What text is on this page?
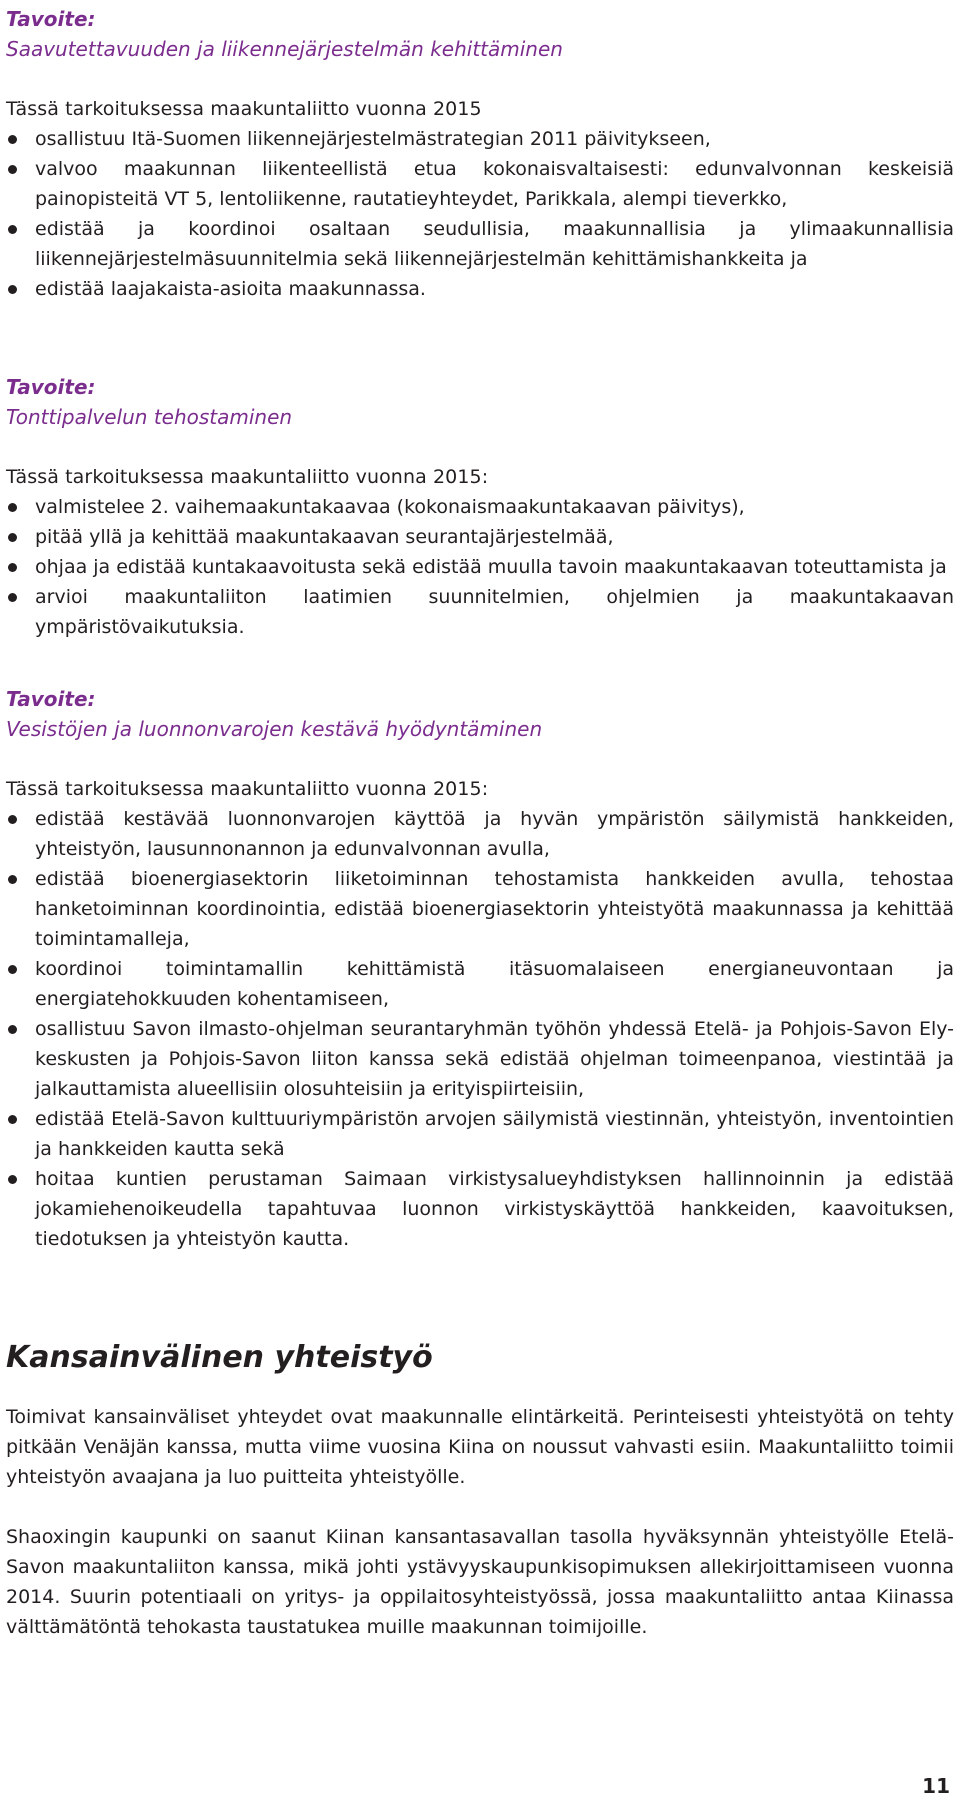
Tavoite:

Saavutettavuuden ja liikennejärjestelmän kehittäminen

Tässä tarkoituksessa maakuntaliitto vuonna 2015

osallistuu Itä-Suomen liikennejärjestelmästrategian 2011 päivitykseen,
valvoo maakunnan liikenteellistä etua kokonaisvaltaisesti: edunvalvonnan keskeisiä painopisteitä VT 5, lentoliikenne, rautatieyhteydet, Parikkala, alempi tieverkko,
edistää ja koordinoi osaltaan seudullisia, maakunnallisia ja ylimaakunnallisia liikennejärjestelmäsuunnitelmia sekä liikennejärjestelmän kehittämishankkeita ja
edistää laajakaista-asioita maakunnassa.

Tavoite:

Tonttipalvelun tehostaminen

Tässä tarkoituksessa maakuntaliitto vuonna 2015:

valmistelee 2. vaihemaakuntakaavaa (kokonaismaakuntakaavan päivitys),
pitää yllä ja kehittää maakuntakaavan seurantajärjestelmää,
ohjaa ja edistää kuntakaavoitusta sekä edistää muulla tavoin maakuntakaavan toteuttamista ja
arvioi maakuntaliiton laatimien suunnitelmien, ohjelmien ja maakuntakaavan ympäristövaikutuksia.

Tavoite:

Vesistöjen ja luonnonvarojen kestävä hyödyntäminen

Tässä tarkoituksessa maakuntaliitto vuonna 2015:

edistää kestävää luonnonvarojen käyttöä ja hyvän ympäristön säilymistä hankkeiden, yhteistyön, lausunnonannon ja edunvalvonnan avulla,
edistää bioenergiasektorin liiketoiminnan tehostamista hankkeiden avulla, tehostaa hanketoiminnan koordinointia, edistää bioenergiasektorin yhteistyötä maakunnassa ja kehittää toimintamalleja,
koordinoi toimintamallin kehittämistä itäsuomalaiseen energianeuvontaan ja energiatehokkuuden kohentamiseen,
osallistuu Savon ilmasto-ohjelman seurantaryhmän työhön yhdessä Etelä- ja Pohjois-Savon Ely-keskusten ja Pohjois-Savon liiton kanssa sekä edistää ohjelman toimeenpanoa, viestintää ja jalkauttamista alueellisiin olosuhteisiin ja erityispiirteisiin,
edistää Etelä-Savon kulttuuriympäristön arvojen säilymistä viestinnän, yhteistyön, inventointien ja hankkeiden kautta sekä
hoitaa kuntien perustaman Saimaan virkistysalueyhdistyksen hallinnoinnin ja edistää jokamiehenoikeudella tapahtuvaa luonnon virkistyskäyttöä hankkeiden, kaavoituksen, tiedotuksen ja yhteistyön kautta.
Kansainvälinen yhteistyö

Toimivat kansainväliset yhteydet ovat maakunnalle elintärkeitä. Perinteisesti yhteistyötä on tehty pitkään Venäjän kanssa, mutta viime vuosina Kiina on noussut vahvasti esiin. Maakuntaliitto toimii yhteistyön avaajana ja luo puitteita yhteistyölle.

Shaoxingin kaupunki on saanut Kiinan kansantasavallan tasolla hyväksynnän yhteistyölle Etelä-Savon maakuntaliiton kanssa, mikä johti ystävyyskaupunkisopimuksen allekirjoittamiseen vuonna 2014. Suurin potentiaali on yritys- ja oppilaitosyhteistyössä, jossa maakuntaliitto antaa Kiinassa välttämätöntä tehokasta taustatukea muille maakunnan toimijoille.

11
